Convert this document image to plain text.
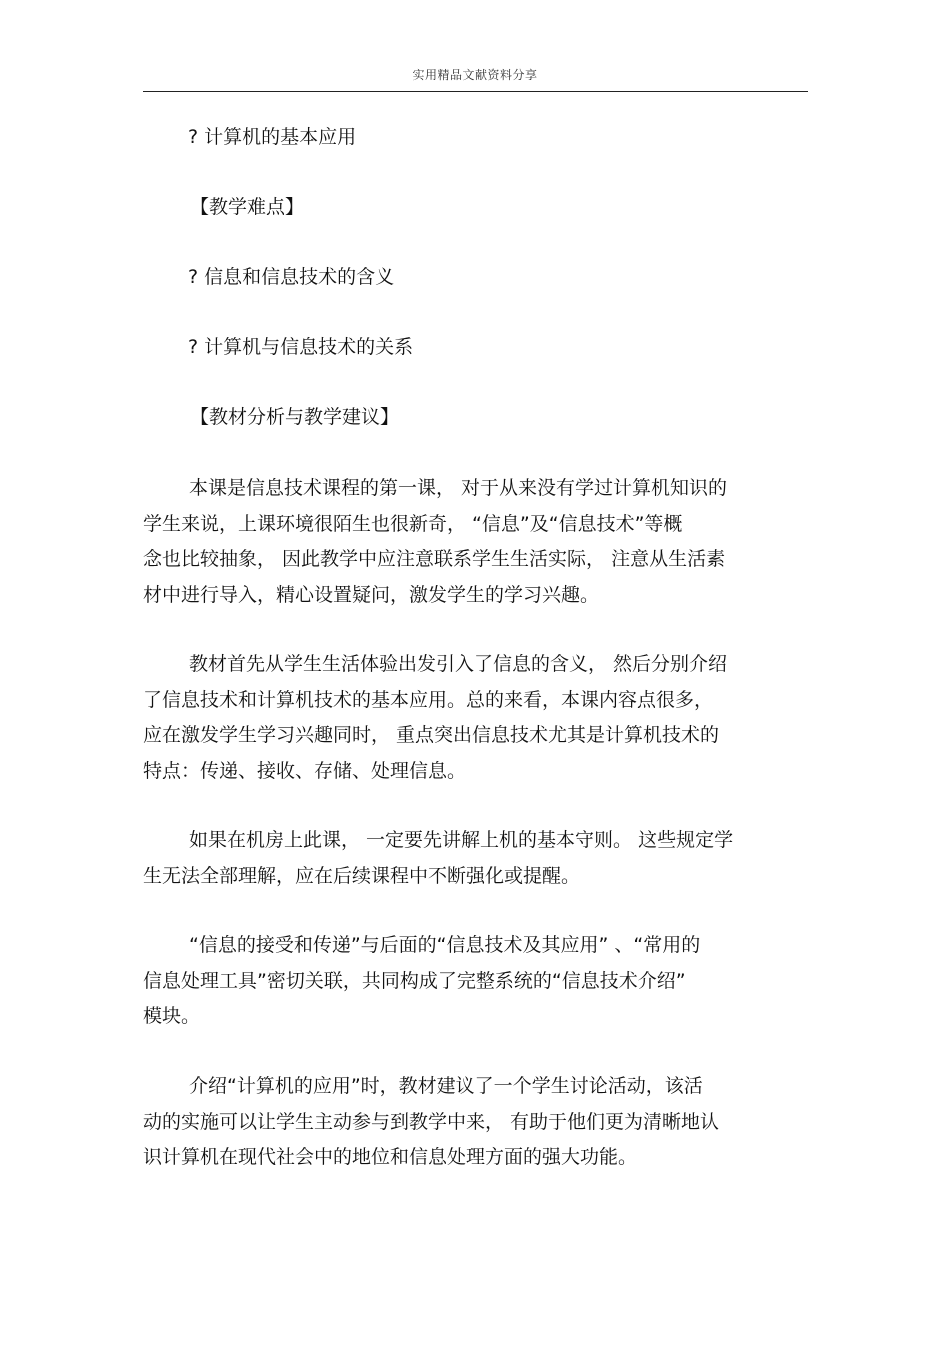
实用精品文献资料分享
? 计算机的基本应用
【教学难点】
? 信息和信息技术的含义
? 计算机与信息技术的关系
【教材分析与教学建议】

本课是信息技术课程的第一课， 对于从来没有学过计算机知识的
学生来说，上课环境很陌生也很新奇， “信息”及“信息技术”等概
念也比较抽象， 因此教学中应注意联系学生生活实际， 注意从生活素
材中进行导入，精心设置疑问，激发学生的学习兴趣。

教材首先从学生生活体验出发引入了信息的含义， 然后分别介绍
了信息技术和计算机技术的基本应用。总的来看，本课内容点很多，
应在激发学生学习兴趣同时， 重点突出信息技术尤其是计算机技术的
特点：传递、接收、存储、处理信息。

如果在机房上此课， 一定要先讲解上机的基本守则。 这些规定学
生无法全部理解，应在后续课程中不断强化或提醒。

“信息的接受和传递”与后面的“信息技术及其应用” 、“常用的
信息处理工具”密切关联，共同构成了完整系统的“信息技术介绍”
模块。

介绍“计算机的应用”时，教材建议了一个学生讨论活动，该活
动的实施可以让学生主动参与到教学中来， 有助于他们更为清晰地认
识计算机在现代社会中的地位和信息处理方面的强大功能。
